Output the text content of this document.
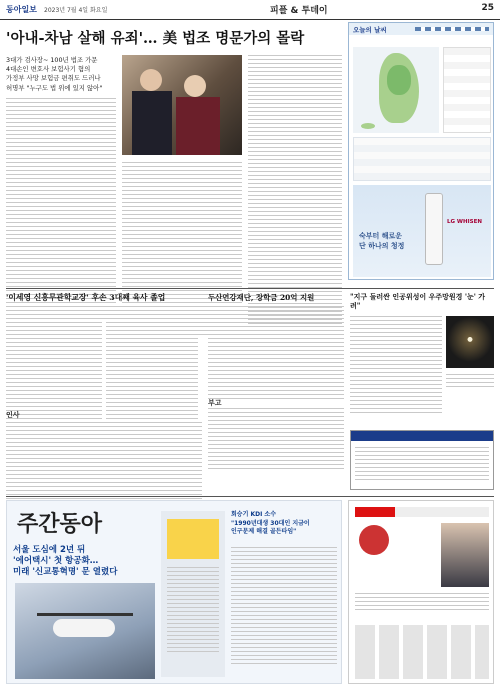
동아일보 2023년 7월 4일 화요일	피플 & 투데이	25
'아내-차남 살해 유죄'… 美 법조 명문가의 몰락
3대가 검사장~ 100년 법조 가문
4대손인 변호사 보험사기 혐의
가정부 사망 보험금 편취도 드러나
허명부 "누구도 법 위에 있지 않아"
오늘의 날씨
숙부터 해로운
단 하나의 청정
LG WHISEN
'이세영 신흥무관학교장' 후손 3대째 육사 졸업
인사
두산연강재단, 장학금 20억 지원
부고
"지구 둘러싼 인공위성이 우주망원경 '눈' 가려"
주간동아
서울 도심에 2년 뒤
'에어택시' 첫 항공화…
미래 '신교통혁명' 문 열렸다
회승기 KDI 소수
"1990년대생 30대인 지금이
인구문제 해결 골든타임"
